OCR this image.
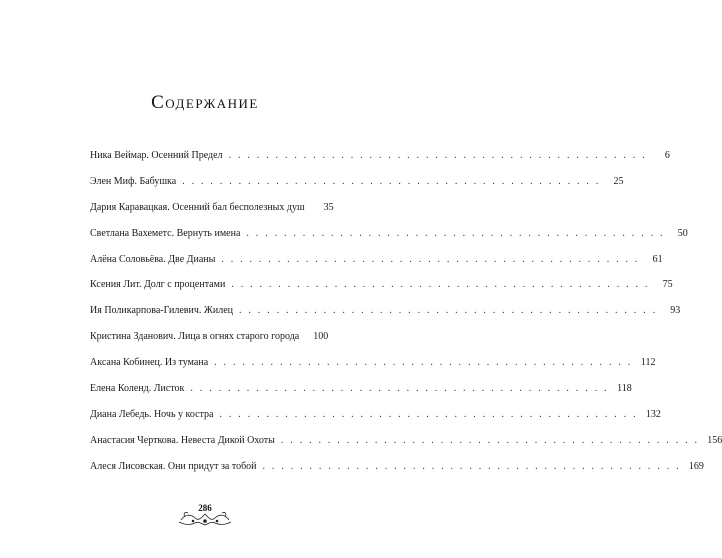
Содержание
Ника Веймар. Осенний Предел . . . . . . . . . . . . . . . . . . . . . . . . . . . . . . . . . . . . . . . . . . . . .	6
Элен Миф. Бабушка . . . . . . . . . . . . . . . . . . . . . . . . . . . . . . . . . . . . . . . . . . . . .	25
Дария Каравацкая. Осенний бал бесполезных душ	35
Светлана Вахеметс. Вернуть имена . . . . . . . . . . . . . . . . . . . . . . . . . . . . . . . . . . . . . . . . . . . . .	50
Алёна Соловьёва. Две Дианы . . . . . . . . . . . . . . . . . . . . . . . . . . . . . . . . . . . . . . . . . . . . .	61
Ксения Лит. Долг с процентами . . . . . . . . . . . . . . . . . . . . . . . . . . . . . . . . . . . . . . . . . . . . .	75
Ия Поликарпова-Гилевич. Жилец . . . . . . . . . . . . . . . . . . . . . . . . . . . . . . . . . . . . . . . . . . . . .	93
Кристина Зданович. Лица в огнях старого города	100
Аксана Кобинец. Из тумана . . . . . . . . . . . . . . . . . . . . . . . . . . . . . . . . . . . . . . . . . . . . . 112
Елена Коленд. Листок . . . . . . . . . . . . . . . . . . . . . . . . . . . . . . . . . . . . . . . . . . . . . 118
Диана Лебедь. Ночь у костра . . . . . . . . . . . . . . . . . . . . . . . . . . . . . . . . . . . . . . . . . . . . . 132
Анастасия Черткова. Невеста Дикой Охоты . . . . . . . . . . . . . . . . . . . . . . . . . . . . . . . . . . . . . . . . . . . . . 156
Алеся Лисовская. Они придут за тобой . . . . . . . . . . . . . . . . . . . . . . . . . . . . . . . . . . . . . . . . . . . . . 169
286
